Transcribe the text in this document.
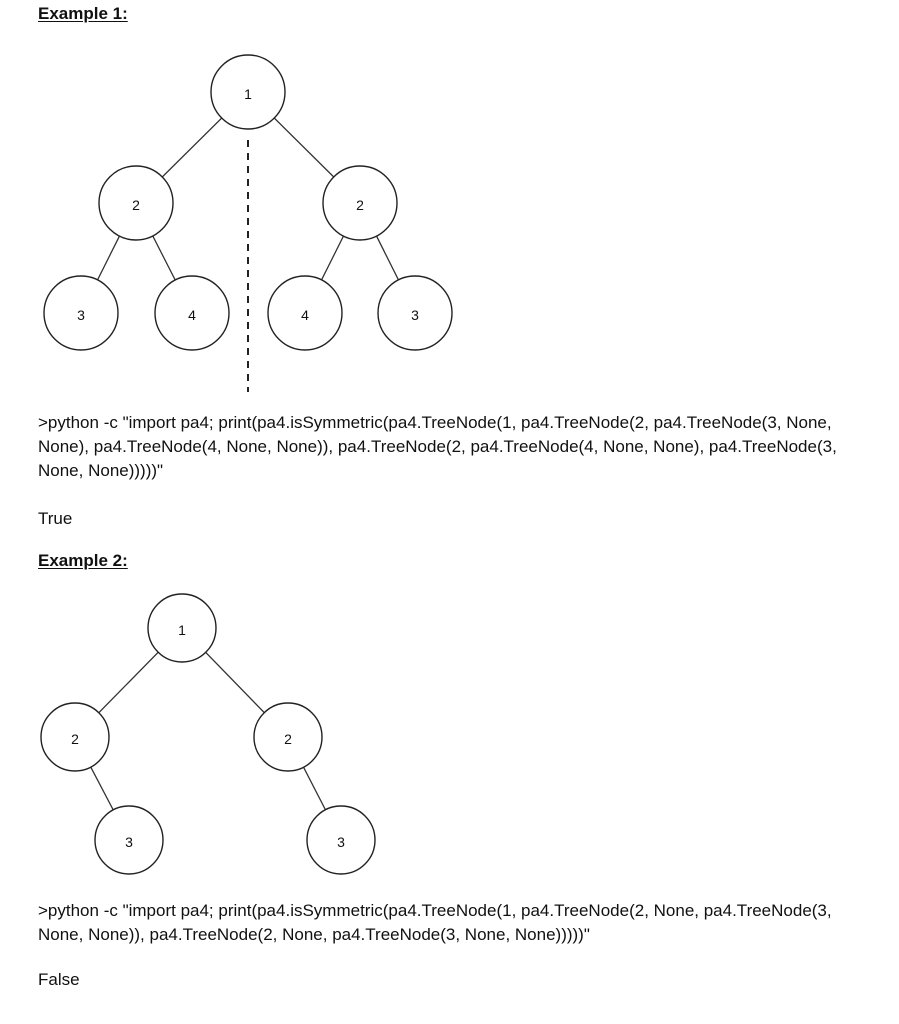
Example 1:
1
2	2
3	4	4	3

>python -c "import pa4; print(pa4.isSymmetric(pa4.TreeNode(1, pa4.TreeNode(2, pa4.TreeNode(3, None, None), pa4.TreeNode(4, None, None)), pa4.TreeNode(2, pa4.TreeNode(4, None, None), pa4.TreeNode(3, None, None)))))"

True
Example 2:
1
2	2
3	3

>python -c "import pa4; print(pa4.isSymmetric(pa4.TreeNode(1, pa4.TreeNode(2, None, pa4.TreeNode(3, None, None)), pa4.TreeNode(2, None, pa4.TreeNode(3, None, None)))))"

False
